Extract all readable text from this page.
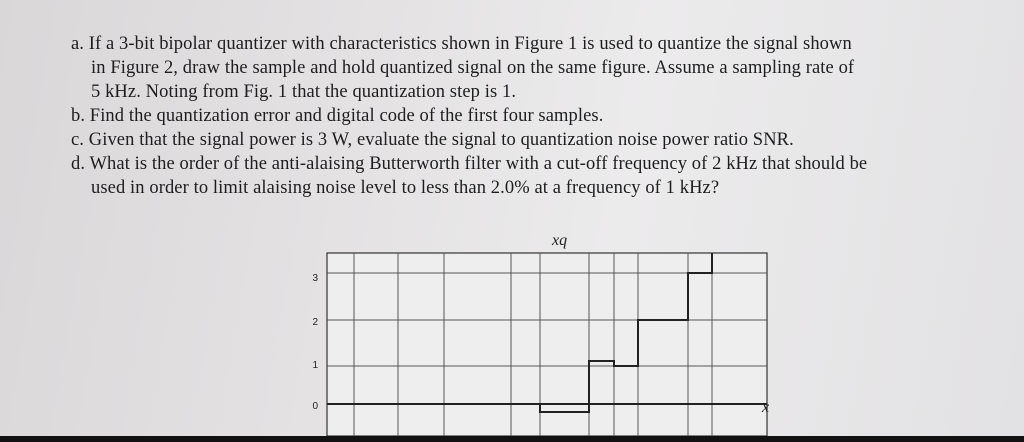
a. If a 3-bit bipolar quantizer with characteristics shown in Figure 1 is used to quantize the signal shown
in Figure 2, draw the sample and hold quantized signal on the same figure. Assume a sampling rate of
5 kHz. Noting from Fig. 1 that the quantization step is 1.
b. Find the quantization error and digital code of the first four samples.
c. Given that the signal power is 3 W, evaluate the signal to quantization noise power ratio SNR.
d. What is the order of the anti-alaising Butterworth filter with a cut-off frequency of 2 kHz that should be
used in order to limit alaising noise level to less than 2.0% at a frequency of 1 kHz?
3
2
1
0
xq
x
